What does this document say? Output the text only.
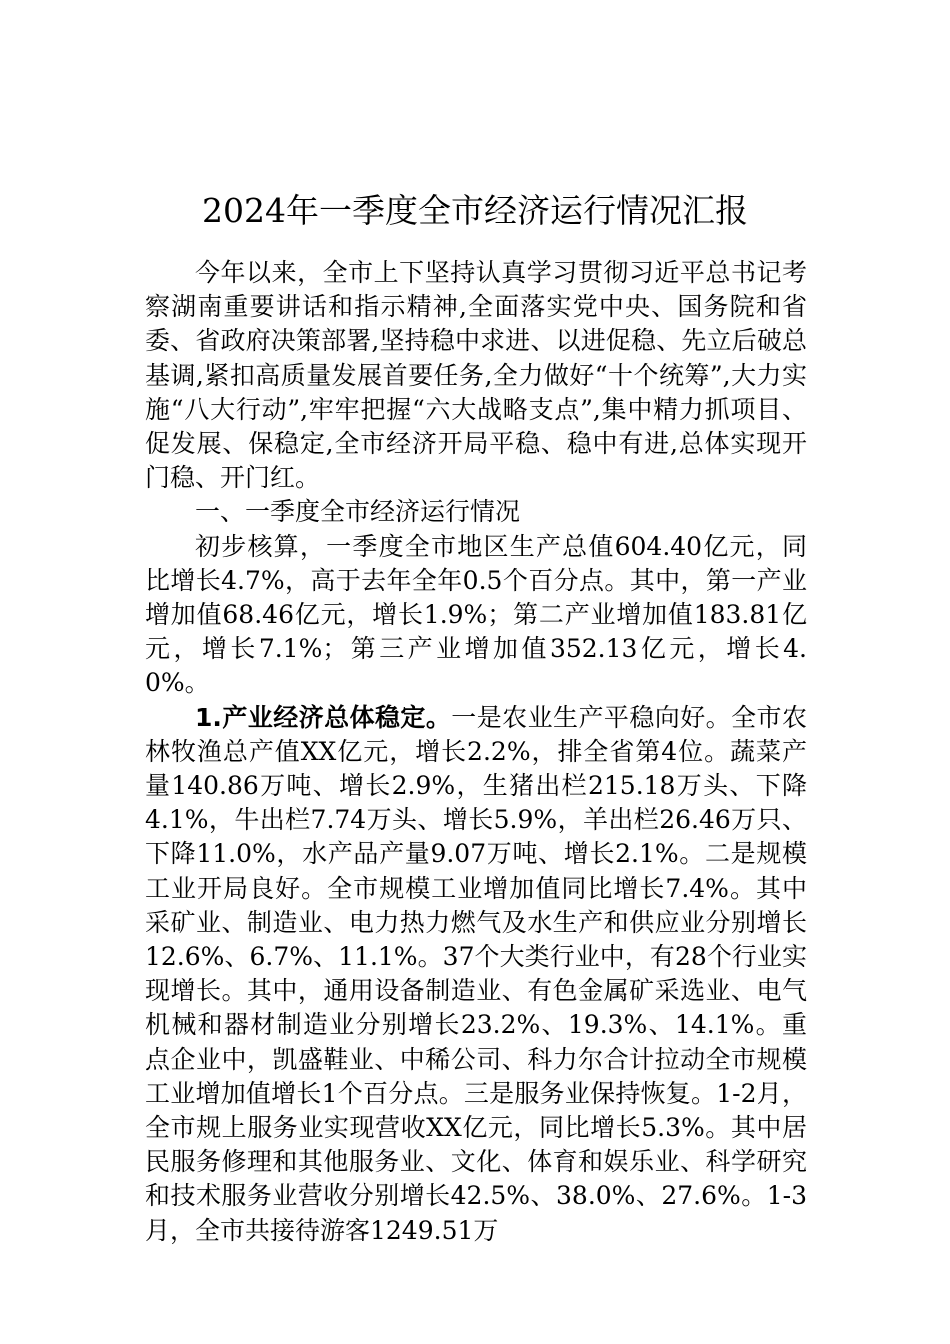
2024年一季度全市经济运行情况汇报

今年以来，全市上下坚持认真学习贯彻习近平总书记考察湖南重要讲话和指示精神,全面落实党中央、国务院和省委、省政府决策部署,坚持稳中求进、以进促稳、先立后破总基调,紧扣高质量发展首要任务,全力做好“十个统筹”,大力实施“八大行动”,牢牢把握“六大战略支点”,集中精力抓项目、促发展、保稳定,全市经济开局平稳、稳中有进,总体实现开门稳、开门红。

一、一季度全市经济运行情况

初步核算，一季度全市地区生产总值604.40亿元，同比增长4.7%，高于去年全年0.5个百分点。其中，第一产业增加值68.46亿元，增长1.9%；第二产业增加值183.81亿元，增长7.1%；第三产业增加值352.13亿元，增长4.0%。

1.产业经济总体稳定。一是农业生产平稳向好。全市农林牧渔总产值XX亿元，增长2.2%，排全省第4位。蔬菜产量140.86万吨、增长2.9%，生猪出栏215.18万头、下降4.1%，牛出栏7.74万头、增长5.9%，羊出栏26.46万只、下降11.0%，水产品产量9.07万吨、增长2.1%。二是规模工业开局良好。全市规模工业增加值同比增长7.4%。其中采矿业、制造业、电力热力燃气及水生产和供应业分别增长12.6%、6.7%、11.1%。37个大类行业中，有28个行业实现增长。其中，通用设备制造业、有色金属矿采选业、电气机械和器材制造业分别增长23.2%、19.3%、14.1%。重点企业中，凯盛鞋业、中稀公司、科力尔合计拉动全市规模工业增加值增长1个百分点。三是服务业保持恢复。1-2月，全市规上服务业实现营收XX亿元，同比增长5.3%。其中居民服务修理和其他服务业、文化、体育和娱乐业、科学研究和技术服务业营收分别增长42.5%、38.0%、27.6%。1-3月，全市共接待游客1249.51万
